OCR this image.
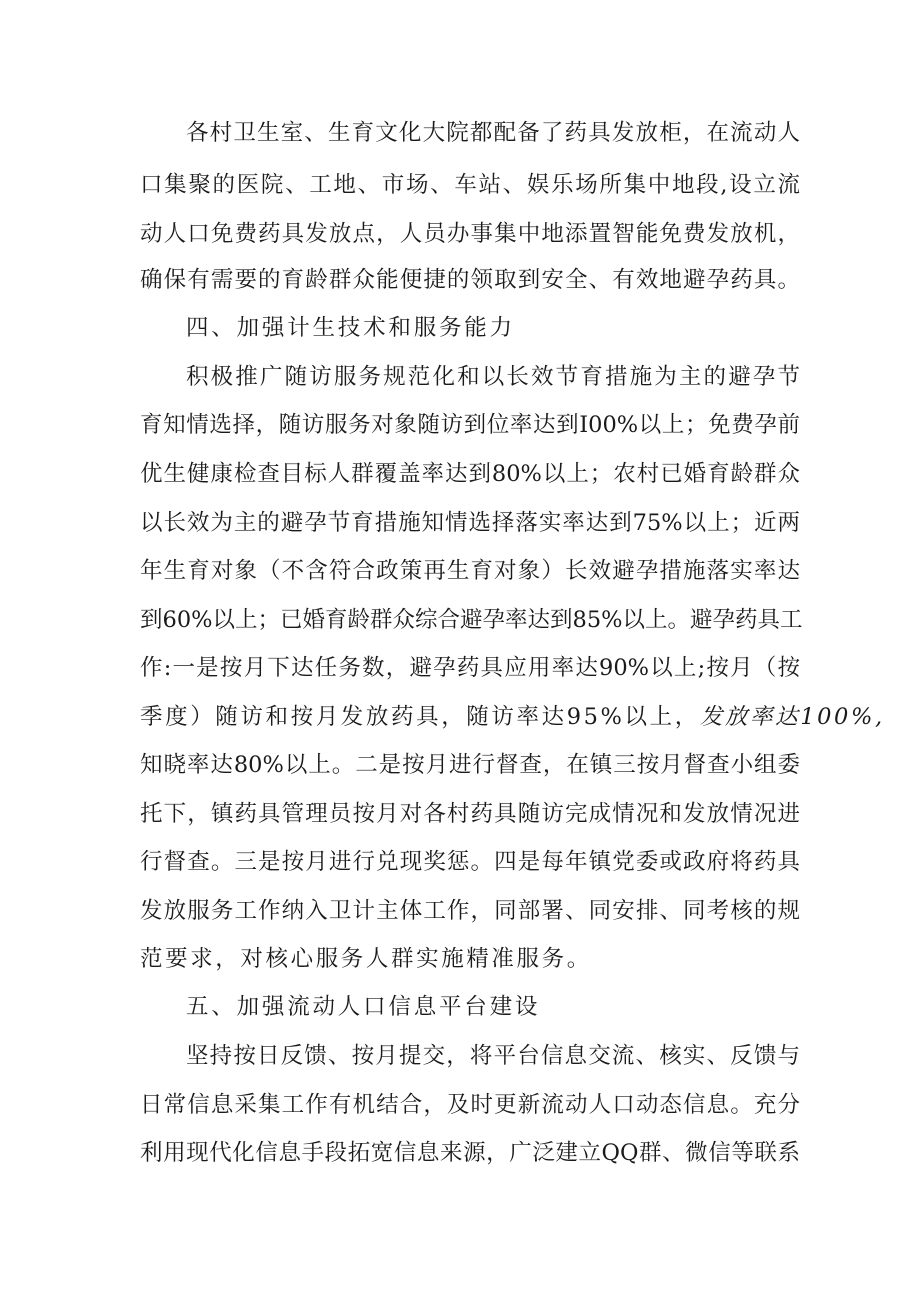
各村卫生室、生育文化大院都配备了药具发放柜，在流动人
口集聚的医院、工地、市场、车站、娱乐场所集中地段,设立流
动人口免费药具发放点，人员办事集中地添置智能免费发放机，
确保有需要的育龄群众能便捷的领取到安全、有效地避孕药具。
四、加强计生技术和服务能力
积极推广随访服务规范化和以长效节育措施为主的避孕节
育知情选择，随访服务对象随访到位率达到I00%以上；免费孕前
优生健康检查目标人群覆盖率达到80%以上；农村已婚育龄群众
以长效为主的避孕节育措施知情选择落实率达到75%以上；近两
年生育对象（不含符合政策再生育对象）长效避孕措施落实率达
到60%以上；已婚育龄群众综合避孕率达到85%以上。避孕药具工
作:一是按月下达任务数，避孕药具应用率达90%以上;按月（按
季度）随访和按月发放药具，随访率达95%以上，发放率达100%,
知晓率达80%以上。二是按月进行督查，在镇三按月督查小组委
托下，镇药具管理员按月对各村药具随访完成情况和发放情况进
行督查。三是按月进行兑现奖惩。四是每年镇党委或政府将药具
发放服务工作纳入卫计主体工作，同部署、同安排、同考核的规
范要求，对核心服务人群实施精准服务。
五、加强流动人口信息平台建设
坚持按日反馈、按月提交，将平台信息交流、核实、反馈与
日常信息采集工作有机结合，及时更新流动人口动态信息。充分
利用现代化信息手段拓宽信息来源，广泛建立QQ群、微信等联系
